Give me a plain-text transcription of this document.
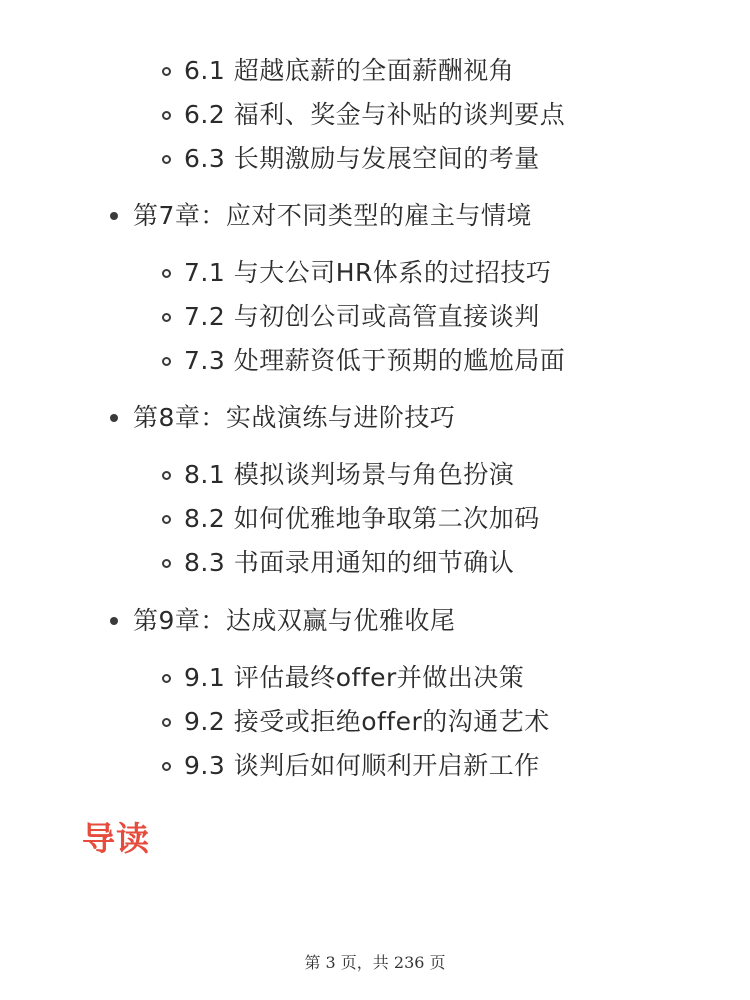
6.1 超越底薪的全面薪酬视角
6.2 福利、奖金与补贴的谈判要点
6.3 长期激励与发展空间的考量
第7章：应对不同类型的雇主与情境
7.1 与大公司HR体系的过招技巧
7.2 与初创公司或高管直接谈判
7.3 处理薪资低于预期的尴尬局面
第8章：实战演练与进阶技巧
8.1 模拟谈判场景与角色扮演
8.2 如何优雅地争取第二次加码
8.3 书面录用通知的细节确认
第9章：达成双赢与优雅收尾
9.1 评估最终offer并做出决策
9.2 接受或拒绝offer的沟通艺术
9.3 谈判后如何顺利开启新工作
导读
第 3 页，共 236 页
